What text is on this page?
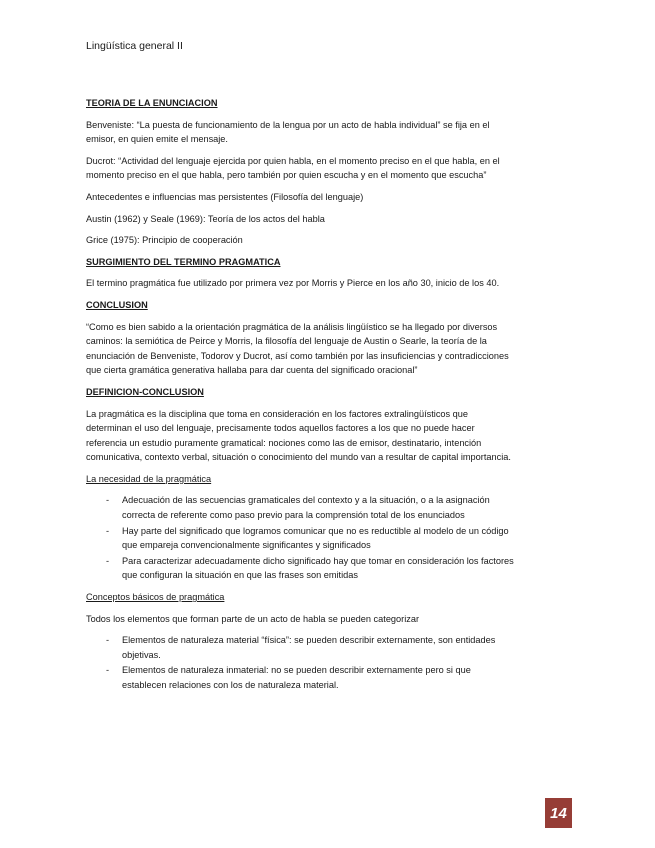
Lingüística general II

TEORIA DE LA ENUNCIACION

Benveniste: “La puesta de funcionamiento de la lengua por un acto de habla individual” se fija en el emisor, en quien emite el mensaje.

Ducrot: “Actividad del lenguaje ejercida por quien habla, en el momento preciso en el que habla, en el momento preciso en el que habla, pero también por quien escucha y en el momento que escucha”

Antecedentes e influencias mas persistentes (Filosofía del lenguaje)

Austin (1962) y Seale (1969): Teoría de los actos del habla

Grice (1975): Principio de cooperación

SURGIMIENTO DEL TERMINO PRAGMATICA

El termino pragmática fue utilizado por primera vez por Morris y Pierce en los año 30, inicio de los 40.

CONCLUSION

“Como es bien sabido a la orientación pragmática de la análisis lingüístico se ha llegado por diversos caminos: la semiótica de Peirce y Morris, la filosofía del lenguaje de Austin o Searle, la teoría de la enunciación de Benveniste, Todorov y Ducrot, así como también por las insuficiencias y contradicciones que cierta gramática generativa hallaba para dar cuenta del significado oracional”

DEFINICION-CONCLUSION

La pragmática es la disciplina que toma en consideración en los factores extralingüísticos que determinan el uso del lenguaje, precisamente todos aquellos factores a los que no puede hacer referencia un estudio puramente gramatical: nociones como las de emisor, destinatario, intención comunicativa, contexto verbal, situación o conocimiento del mundo van a resultar de capital importancia.

La necesidad de la pragmática

- Adecuación de las secuencias gramaticales del contexto y a la situación, o a la asignación correcta de referente como paso previo para la comprensión total de los enunciados
- Hay parte del significado que logramos comunicar que no es reductible al modelo de un código que empareja convencionalmente significantes y significados
- Para caracterizar adecuadamente dicho significado hay que tomar en consideración los factores que configuran la situación en que las frases son emitidas

Conceptos básicos de pragmática

Todos los elementos que forman parte de un acto de habla se pueden categorizar

- Elementos de naturaleza material “física”: se pueden describir externamente, son entidades objetivas.
- Elementos de naturaleza inmaterial: no se pueden describir externamente pero si que establecen relaciones con los de naturaleza material.
14
